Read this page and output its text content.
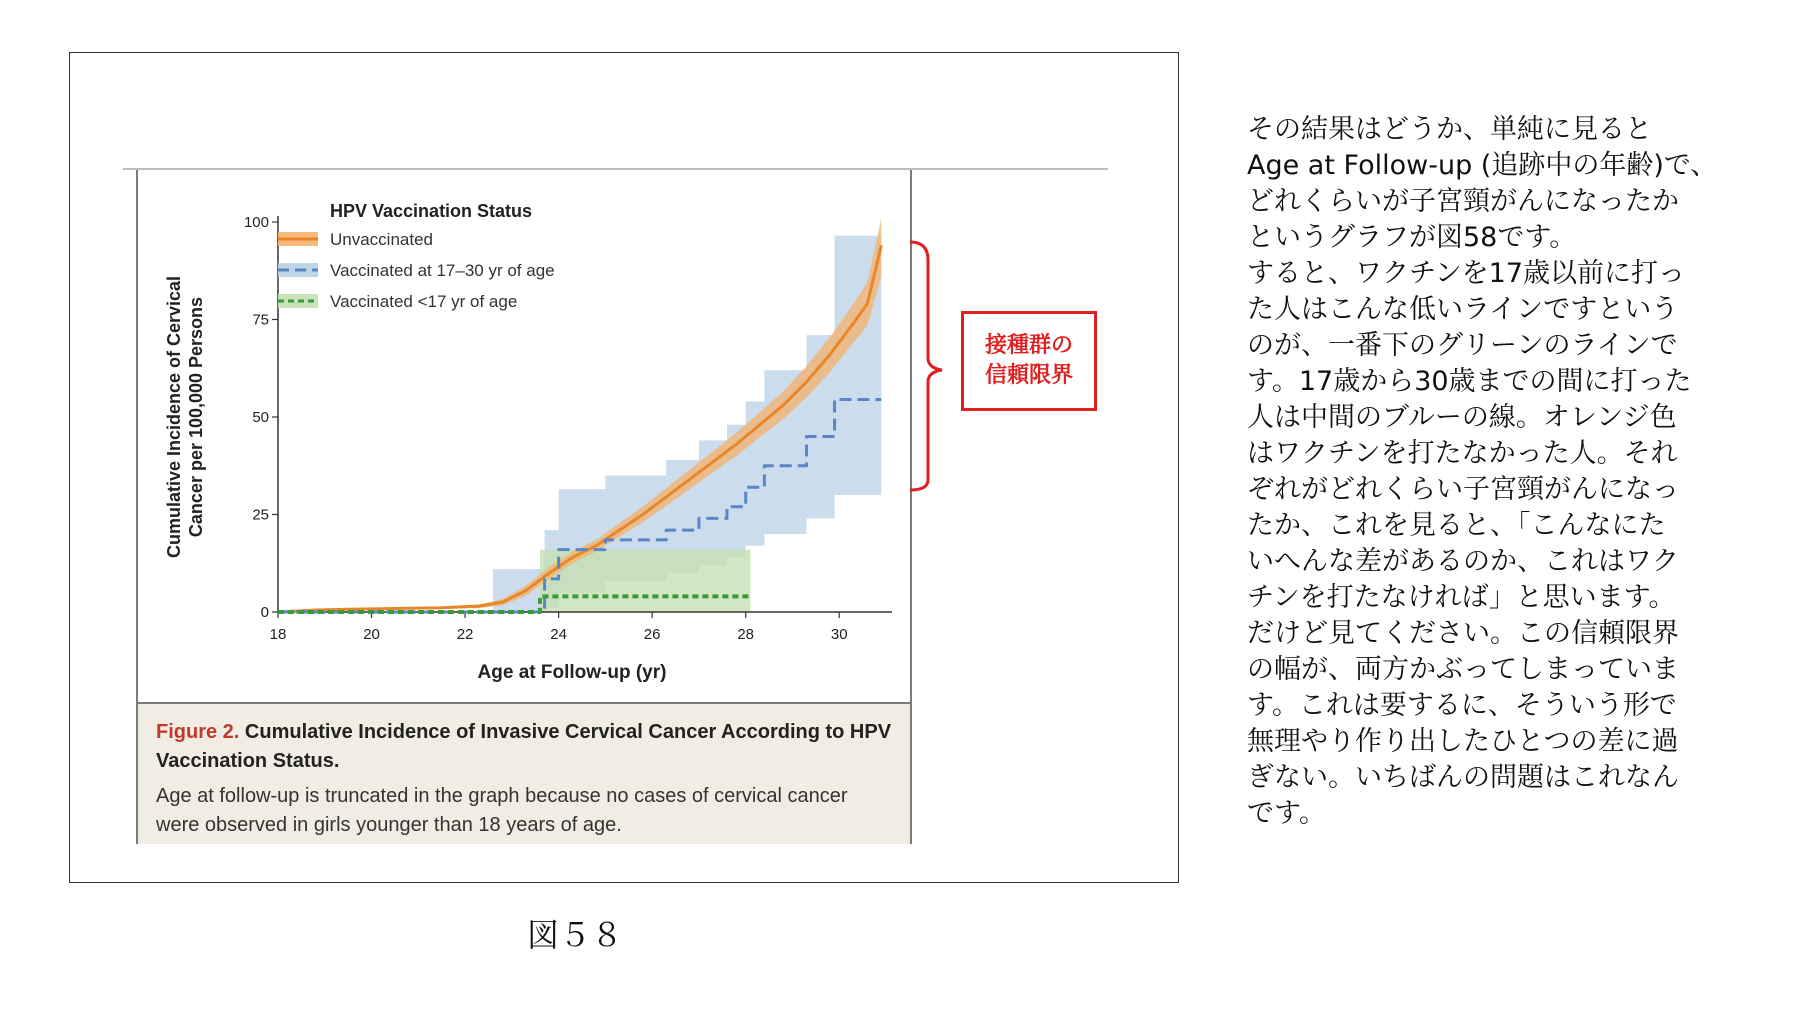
18	20	22	24	26	28	30
0
25
50
75
100
HPV Vaccination Status
Unvaccinated
Vaccinated at 17–30 yr of age
Vaccinated <17 yr of age
Cumulative Incidence of Cervical Cancer per 100,000 Persons
Age at Follow-up (yr)

Figure 2. Cumulative Incidence of Invasive Cervical Cancer According to HPV Vaccination Status.

Age at follow-up is truncated in the graph because no cases of cervical cancer were observed in girls younger than 18 years of age.

接種群の
信頼限界
図５８
その結果はどうか、単純に見ると
Age at Follow-up (追跡中の年齢)で、
どれくらいが子宮頸がんになったか
というグラフが図58です。
すると、ワクチンを17歳以前に打っ
た人はこんな低いラインですという
のが、一番下のグリーンのラインで
す。17歳から30歳までの間に打った
人は中間のブルーの線。オレンジ色
はワクチンを打たなかった人。それ
ぞれがどれくらい子宮頸がんになっ
たか、これを見ると、「こんなにた
いへんな差があるのか、これはワク
チンを打たなければ」と思います。
だけど見てください。この信頼限界
の幅が、両方かぶってしまっていま
す。これは要するに、そういう形で
無理やり作り出したひとつの差に過
ぎない。いちばんの問題はこれなん
です。
